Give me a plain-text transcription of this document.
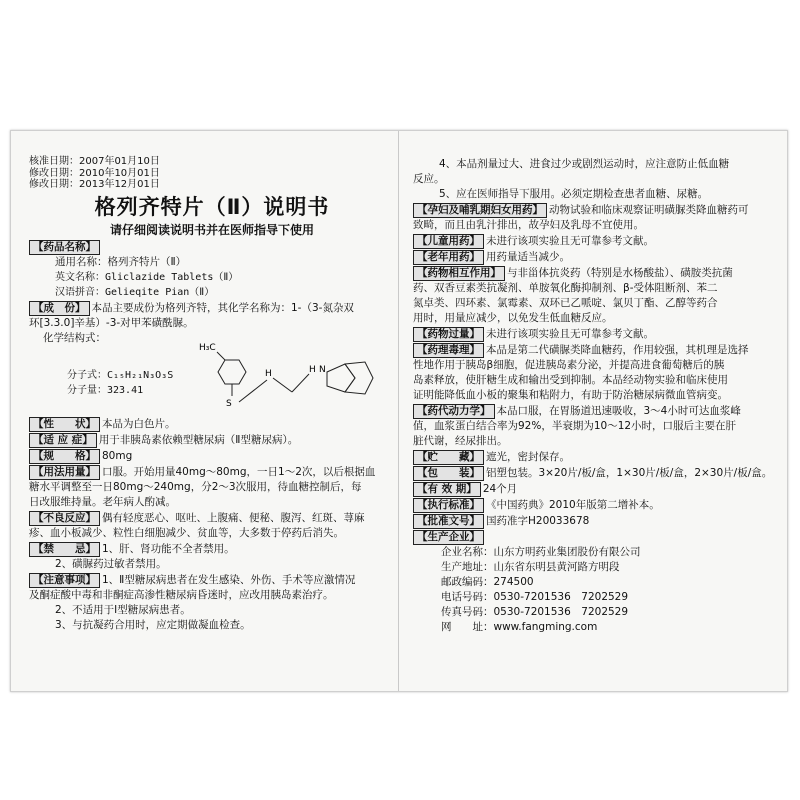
核准日期：2007年01月10日
修改日期：2010年10月01日
修改日期：2013年12月01日
格列齐特片（Ⅱ）说明书
请仔细阅读说明书并在医师指导下使用
【药品名称】
通用名称：格列齐特片（Ⅱ）
英文名称：Gliclazide Tablets（Ⅱ）
汉语拼音：Gelieqite Pian（Ⅱ）
【成　份】 本品主要成份为格列齐特，其化学名称为：1-（3-氮杂双
环[3.3.0]辛基）-3-对甲苯磺酰脲。
化学结构式：
分子式：C₁₅H₂₁N₃O₃S
分子量：323.41
H₃C
S
H	H N
【性　　状】 本品为白色片。
【适 应 症】 用于非胰岛素依赖型糖尿病（Ⅱ型糖尿病）。
【规　　格】 80mg
【用法用量】 口服。开始用量40mg～80mg，一日1～2次，以后根据血
糖水平调整至一日80mg～240mg，分2～3次服用，待血糖控制后，每
日改服维持量。老年病人酌减。
【不良反应】 偶有轻度恶心、呕吐、上腹痛、便秘、腹泻、红斑、荨麻
疹、血小板减少、粒性白细胞减少、贫血等，大多数于停药后消失。
【禁　　忌】 1、肝、肾功能不全者禁用。
2、磺脲药过敏者禁用。
【注意事项】 1、Ⅱ型糖尿病患者在发生感染、外伤、手术等应激情况
及酮症酸中毒和非酮症高渗性糖尿病昏迷时，应改用胰岛素治疗。
2、不适用于Ⅰ型糖尿病患者。
3、与抗凝药合用时，应定期做凝血检查。
4、本品剂量过大、进食过少或剧烈运动时，应注意防止低血糖
反应。
5、应在医师指导下服用。必须定期检查患者血糖、尿糖。
【孕妇及哺乳期妇女用药】 动物试验和临床观察证明磺脲类降血糖药可
致畸，而且由乳汁排出，故孕妇及乳母不宜使用。
【儿童用药】 未进行该项实验且无可靠参考文献。
【老年用药】 用药量适当减少。
【药物相互作用】 与非甾体抗炎药（特别是水杨酸盐）、磺胺类抗菌
药、双香豆素类抗凝剂、单胺氧化酶抑制剂、β-受体阻断剂、苯二
氮卓类、四环素、氯霉素、双环已乙哌啶、氯贝丁酯、乙醇等药合
用时，用量应减少，以免发生低血糖反应。
【药物过量】 未进行该项实验且无可靠参考文献。
【药理毒理】 本品是第二代磺脲类降血糖药，作用较强，其机理是选择
性地作用于胰岛β细胞，促进胰岛素分泌，并提高进食葡萄糖后的胰
岛素释放，使肝糖生成和输出受到抑制。本品经动物实验和临床使用
证明能降低血小板的聚集和粘附力，有助于防治糖尿病微血管病变。
【药代动力学】 本品口服，在胃肠道迅速吸收，3～4小时可达血浆峰
值，血浆蛋白结合率为92%，半衰期为10～12小时，口服后主要在肝
脏代谢，经尿排出。
【贮　　藏】 遮光，密封保存。
【包　　装】 铝塑包装。3×20片/板/盒，1×30片/板/盒，2×30片/板/盒。
【有 效 期】 24个月
【执行标准】 《中国药典》2010年版第二增补本。
【批准文号】 国药准字H20033678
【生产企业】
企业名称：山东方明药业集团股份有限公司
生产地址：山东省东明县黄河路方明段
邮政编码：274500
电话号码：0530-7201536　7202529
传真号码：0530-7201536　7202529
网　　址：www.fangming.com
